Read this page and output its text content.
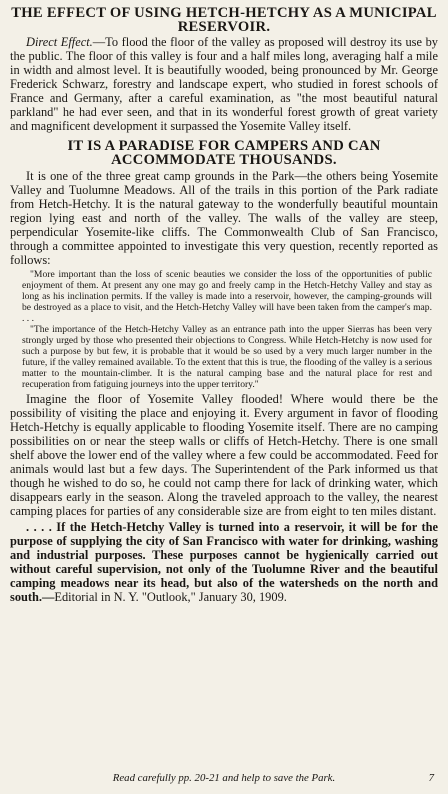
THE EFFECT OF USING HETCH-HETCHY AS A MUNICIPAL RESERVOIR.

Direct Effect.—To flood the floor of the valley as proposed will destroy its use by the public. The floor of this valley is four and a half miles long, averaging half a mile in width and almost level. It is beautifully wooded, being pronounced by Mr. George Frederick Schwarz, forestry and landscape expert, who studied in forest schools of France and Germany, after a careful examination, as "the most beautiful natural parkland" he had ever seen, and that in its wonderful forest growth of great variety and magnificent development it surpassed the Yosemite Valley itself.

IT IS A PARADISE FOR CAMPERS AND CAN ACCOMMODATE THOUSANDS.

It is one of the three great camp grounds in the Park—the others being Yosemite Valley and Tuolumne Meadows. All of the trails in this portion of the Park radiate from Hetch-Hetchy. It is the natural gateway to the wonderfully beautiful mountain region lying east and north of the valley. The walls of the valley are steep, perpendicular Yosemite-like cliffs. The Commonwealth Club of San Francisco, through a committee appointed to investigate this very question, recently reported as follows:

"More important than the loss of scenic beauties we consider the loss of the opportunities of public enjoyment of them. At present any one may go and freely camp in the Hetch-Hetchy Valley and stay as long as his inclination permits. If the valley is made into a reservoir, however, the camping-grounds will be destroyed as a place to visit, and the Hetch-Hetchy Valley will have been taken from the camper's map. . . .

"The importance of the Hetch-Hetchy Valley as an entrance path into the upper Sierras has been very strongly urged by those who presented their objections to Congress. While Hetch-Hetchy is now used for such a purpose by but few, it is probable that it would be so used by a very much larger number in the future, if the valley remained available. To the extent that this is true, the flooding of the valley is a serious matter to the mountain-climber. It is the natural camping base and the natural place for rest and recuperation from fatiguing journeys into the upper territory."

Imagine the floor of Yosemite Valley flooded! Where would there be the possibility of visiting the place and enjoying it. Every argument in favor of flooding Hetch-Hetchy is equally applicable to flooding Yosemite itself. There are no camping possibilities on or near the steep walls or cliffs of Hetch-Hetchy. There is one small shelf above the lower end of the valley where a few could be accommodated. Feed for animals would last but a few days. The Superintendent of the Park informed us that though he wished to do so, he could not camp there for lack of drinking water, which disappears early in the season. Along the traveled approach to the valley, the nearest camping places for parties of any considerable size are from eight to ten miles distant.

. . . . If the Hetch-Hetchy Valley is turned into a reservoir, it will be for the purpose of supplying the city of San Francisco with water for drinking, washing and industrial purposes. These purposes cannot be hygienically carried out without careful supervision, not only of the Tuolumne River and the beautiful camping meadows near its head, but also of the watersheds on the north and south.—Editorial in N. Y. "Outlook," January 30, 1909.

Read carefully pp. 20-21 and help to save the Park.	7
